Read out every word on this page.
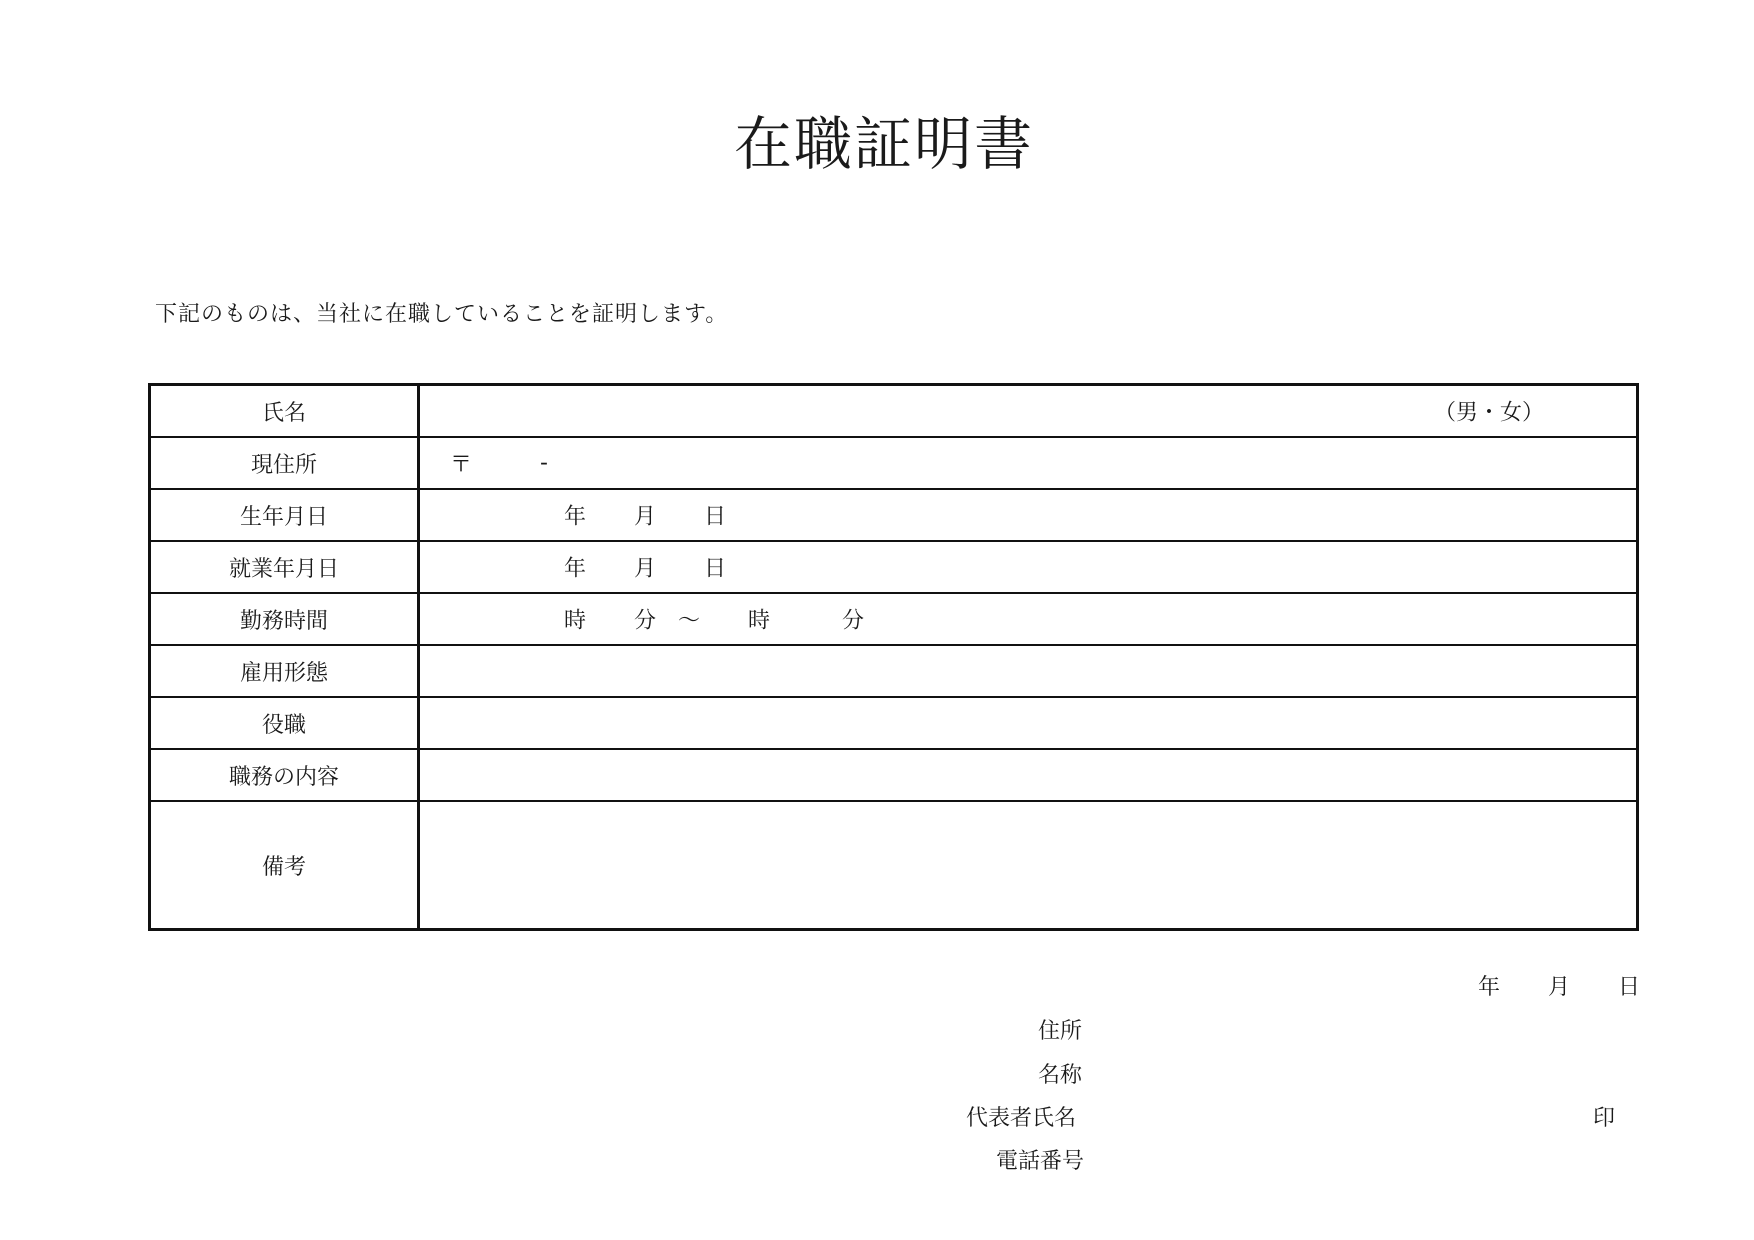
在職証明書
下記のものは、当社に在職していることを証明します。
氏名	（男・女）

現住所	〒 -

生年月日	年 月 日

就業年月日	年 月 日

勤務時間	時 分 ～ 時 分

雇用形態	
役職	
職務の内容	
備考	
年 月 日
住所
名称
代表者氏名	印
電話番号
